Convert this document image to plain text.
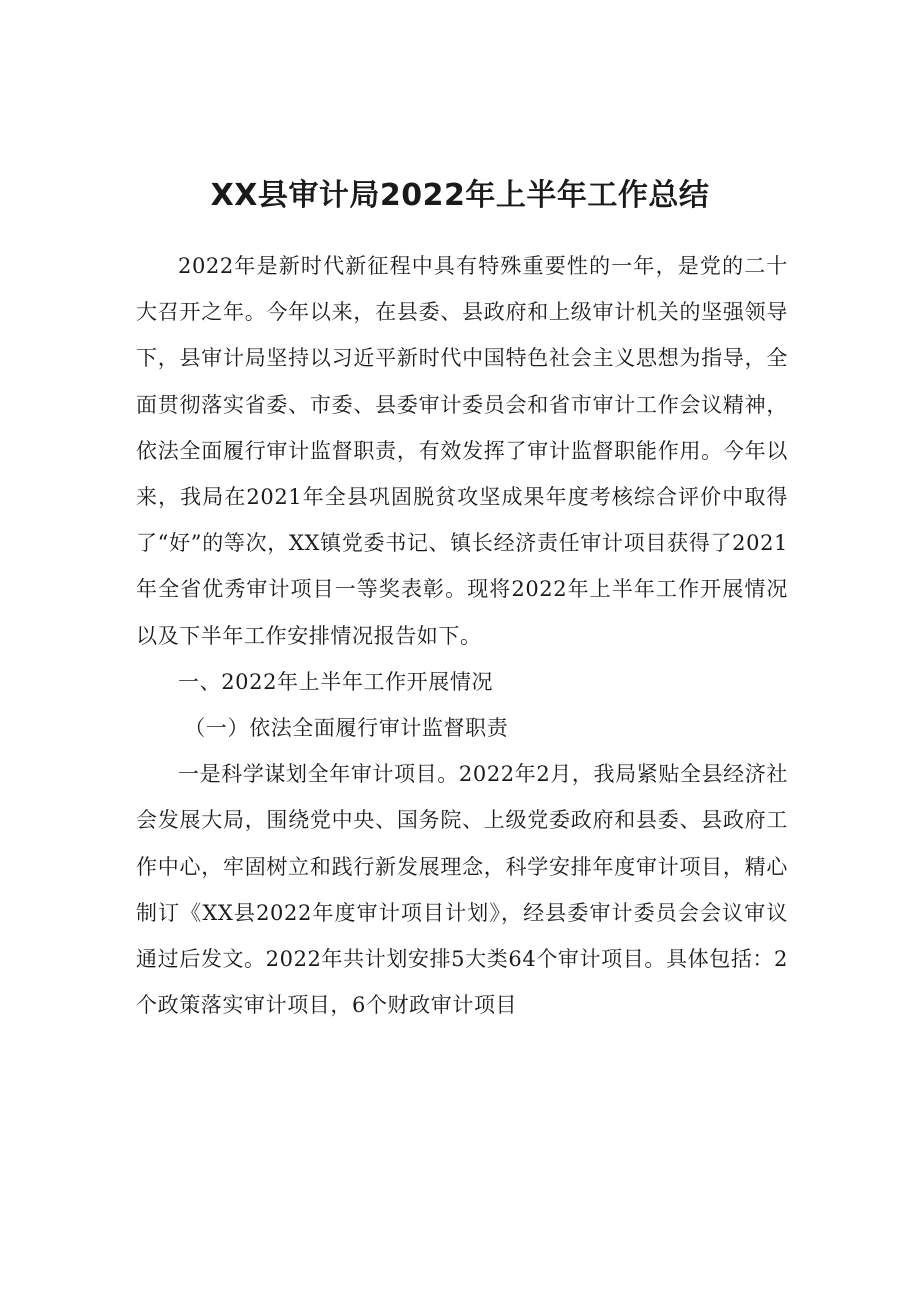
XX县审计局2022年上半年工作总结

2022年是新时代新征程中具有特殊重要性的一年，是党的二十大召开之年。今年以来，在县委、县政府和上级审计机关的坚强领导下，县审计局坚持以习近平新时代中国特色社会主义思想为指导，全面贯彻落实省委、市委、县委审计委员会和省市审计工作会议精神，依法全面履行审计监督职责，有效发挥了审计监督职能作用。今年以来，我局在2021年全县巩固脱贫攻坚成果年度考核综合评价中取得了“好”的等次，XX镇党委书记、镇长经济责任审计项目获得了2021年全省优秀审计项目一等奖表彰。现将2022年上半年工作开展情况以及下半年工作安排情况报告如下。

一、2022年上半年工作开展情况

（一）依法全面履行审计监督职责

一是科学谋划全年审计项目。2022年2月，我局紧贴全县经济社会发展大局，围绕党中央、国务院、上级党委政府和县委、县政府工作中心，牢固树立和践行新发展理念，科学安排年度审计项目，精心制订《XX县2022年度审计项目计划》，经县委审计委员会会议审议通过后发文。2022年共计划安排5大类64个审计项目。具体包括：2个政策落实审计项目，6个财政审计项目
